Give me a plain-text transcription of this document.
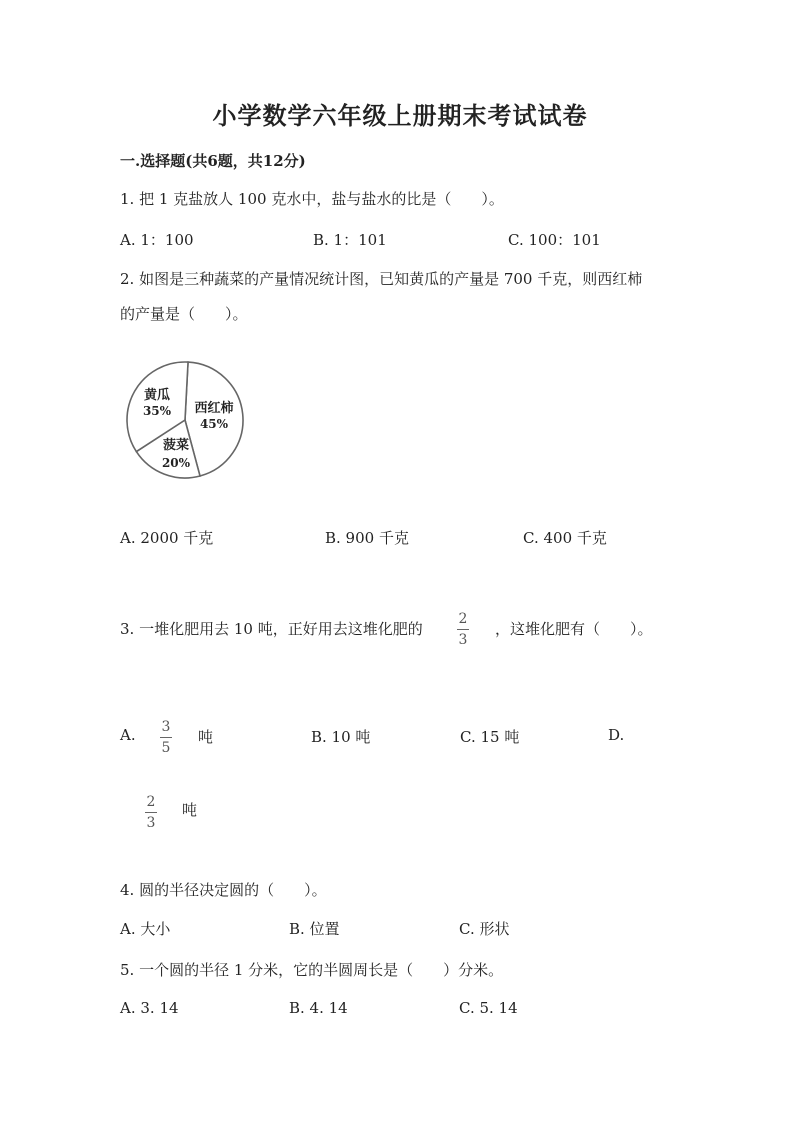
小学数学六年级上册期末考试试卷
一.选择题(共6题，共12分)
1. 把 1 克盐放人 100 克水中，盐与盐水的比是（　　）。
A. 1：100	B. 1：101	C. 100：101
2. 如图是三种蔬菜的产量情况统计图，已知黄瓜的产量是 700 千克，则西红柿
的产量是（　　）。
西红柿
45%
菠菜
20%
黄瓜
35%
A. 2000 千克	B. 900 千克	C. 400 千克
3. 一堆化肥用去 10 吨，正好用去这堆化肥的
2
3
，这堆化肥有（　　）。
A. 3
5
吨	B. 10 吨	C. 15 吨	D.
2
3
吨
4. 圆的半径决定圆的（　　）。
A. 大小	B. 位置	C. 形状
5. 一个圆的半径 1 分米，它的半圆周长是（　　）分米。
A. 3. 14	B. 4. 14	C. 5. 14
